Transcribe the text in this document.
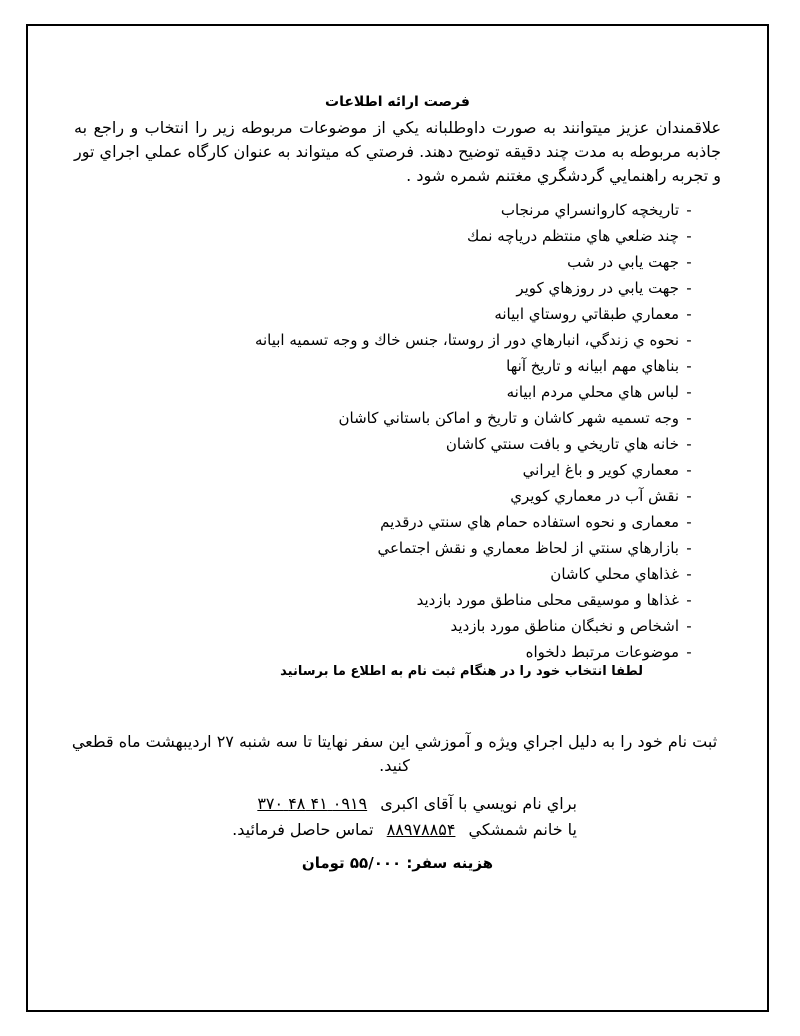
فرصت ارائه اطلاعات
علاقمندان عزيز ميتوانند به صورت داوطلبانه يكي از موضوعات مربوطه زير را انتخاب و راجع به جاذبه مربوطه به مدت چند دقيقه توضيح دهند. فرصتي كه ميتواند به عنوان كارگاه عملي اجراي تور و تجربه راهنمايي گردشگري مغتنم شمره شود .
-تاريخچه كاروانسراي مرنجاب
-چند ضلعي هاي منتظم درياچه نمك
-جهت يابي در شب
-جهت يابي در روزهاي كوير
-معماري طبقاتي روستاي ابيانه
-نحوه ي زندگي، انبارهاي دور از روستا، جنس خاك و وجه تسميه ابيانه
-بناهاي مهم ابيانه و تاريخ آنها
-لباس هاي محلي مردم ابيانه
-وجه تسميه شهر كاشان و تاريخ و اماكن باستاني كاشان
-خانه هاي تاريخي و بافت سنتي كاشان
-معماري كوير و باغ ايراني
-نقش آب در معماري كويري
-معمارى و نحوه استفاده حمام هاي سنتي درقديم
-بازارهاي سنتي از لحاظ معماري و نقش اجتماعي
-غذاهاي محلي كاشان
-غذاها و موسيقى محلى مناطق مورد بازديد
-اشخاص و نخبگان مناطق مورد بازديد
-موضوعات مرتبط دلخواه
لطفا انتخاب خود را در هنگام ثبت نام به اطلاع ما برسانيد
ثبت نام خود را به دليل اجراي ويژه و آموزشي اين سفر نهايتا تا سه شنبه ۲۷ ارديبهشت ماه قطعي كنيد.
براي نام نويسي با آقای اکبری ۰۹۱۹ ۴۱ ۴۸ ۳۷۰
يا خانم شمشكي ۸۸۹۷۸۸۵۴ تماس حاصل فرمائيد.
هزينه سفر: ۵۵/۰۰۰ تومان
